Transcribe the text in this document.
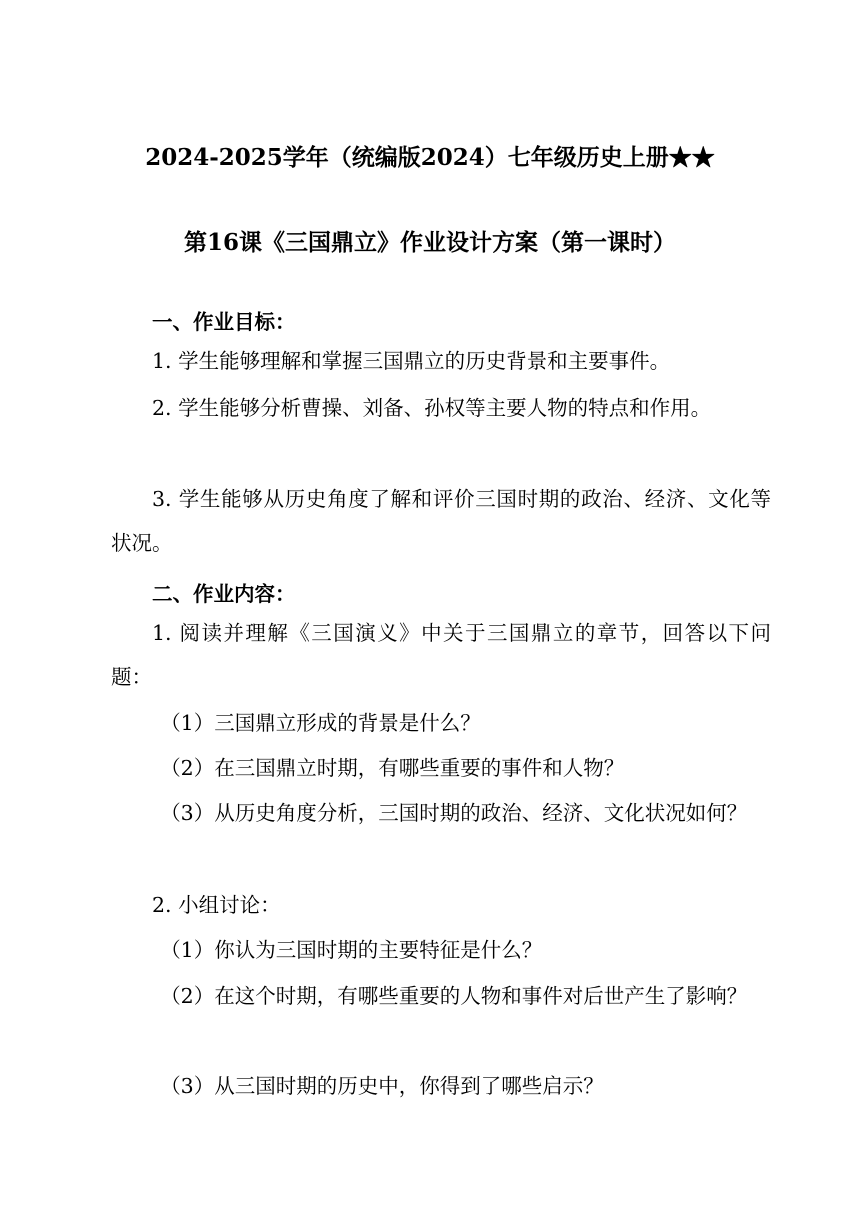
2024-2025学年（统编版2024）七年级历史上册★★
第16课《三国鼎立》作业设计方案（第一课时）

一、作业目标：

1. 学生能够理解和掌握三国鼎立的历史背景和主要事件。

2. 学生能够分析曹操、刘备、孙权等主要人物的特点和作用。

3. 学生能够从历史角度了解和评价三国时期的政治、经济、文化等状况。

二、作业内容：

1. 阅读并理解《三国演义》中关于三国鼎立的章节，回答以下问题：

（1）三国鼎立形成的背景是什么？

（2）在三国鼎立时期，有哪些重要的事件和人物？

（3）从历史角度分析，三国时期的政治、经济、文化状况如何？

2. 小组讨论：

（1）你认为三国时期的主要特征是什么？

（2）在这个时期，有哪些重要的人物和事件对后世产生了影响？

（3）从三国时期的历史中，你得到了哪些启示？
